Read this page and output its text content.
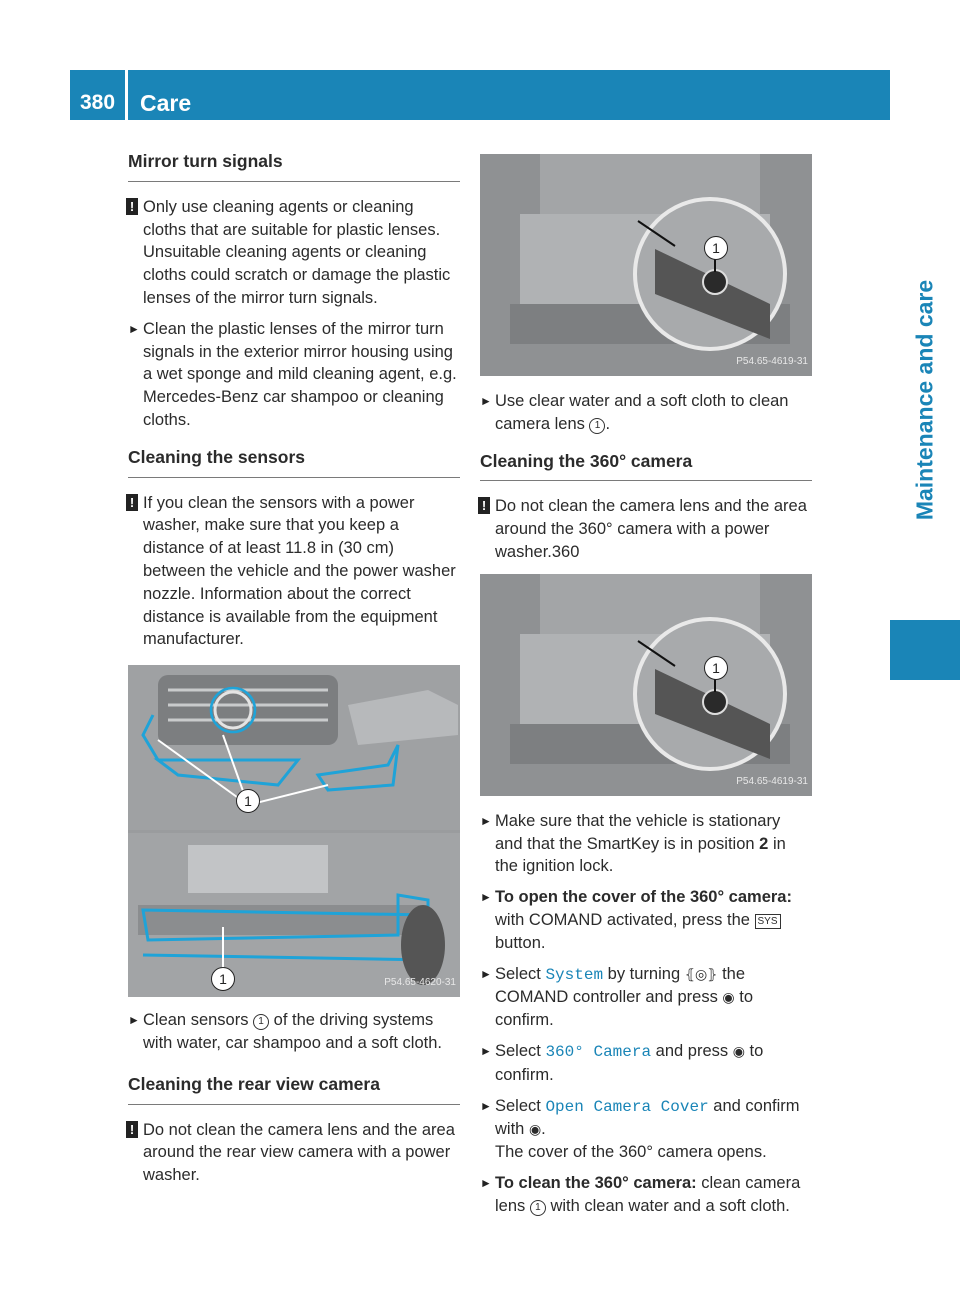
380	Care
Maintenance and care
Mirror turn signals
! Only use cleaning agents or cleaning cloths that are suitable for plastic lenses. Unsuitable cleaning agents or cleaning cloths could scratch or damage the plastic lenses of the mirror turn signals.
► Clean the plastic lenses of the mirror turn signals in the exterior mirror housing using a wet sponge and mild cleaning agent, e.g. Mercedes-Benz car shampoo or cleaning cloths.
Cleaning the sensors
! If you clean the sensors with a power washer, make sure that you keep a distance of at least 11.8 in (30 cm) between the vehicle and the power washer nozzle. Information about the correct distance is available from the equipment manufacturer.
1
1	P54.65-4620-31
► Clean sensors 1 of the driving systems with water, car shampoo and a soft cloth.
Cleaning the rear view camera
! Do not clean the camera lens and the area around the rear view camera with a power washer.
1
P54.65-4619-31
► Use clear water and a soft cloth to clean camera lens 1 .
Cleaning the 360° camera
! Do not clean the camera lens and the area around the 360° camera with a power washer.360
1
P54.65-4619-31
► Make sure that the vehicle is stationary and that the SmartKey is in position 2 in the ignition lock.
► To open the cover of the 360° camera: with COMAND activated, press the SYS button.
► Select System by turning ⦃◎⦄ the COMAND controller and press ◉ to confirm.
► Select 360° Camera and press ◉ to confirm.
► Select Open Camera Cover and confirm with ◉.
The cover of the 360° camera opens.
► To clean the 360° camera: clean camera lens 1 with clean water and a soft cloth.
